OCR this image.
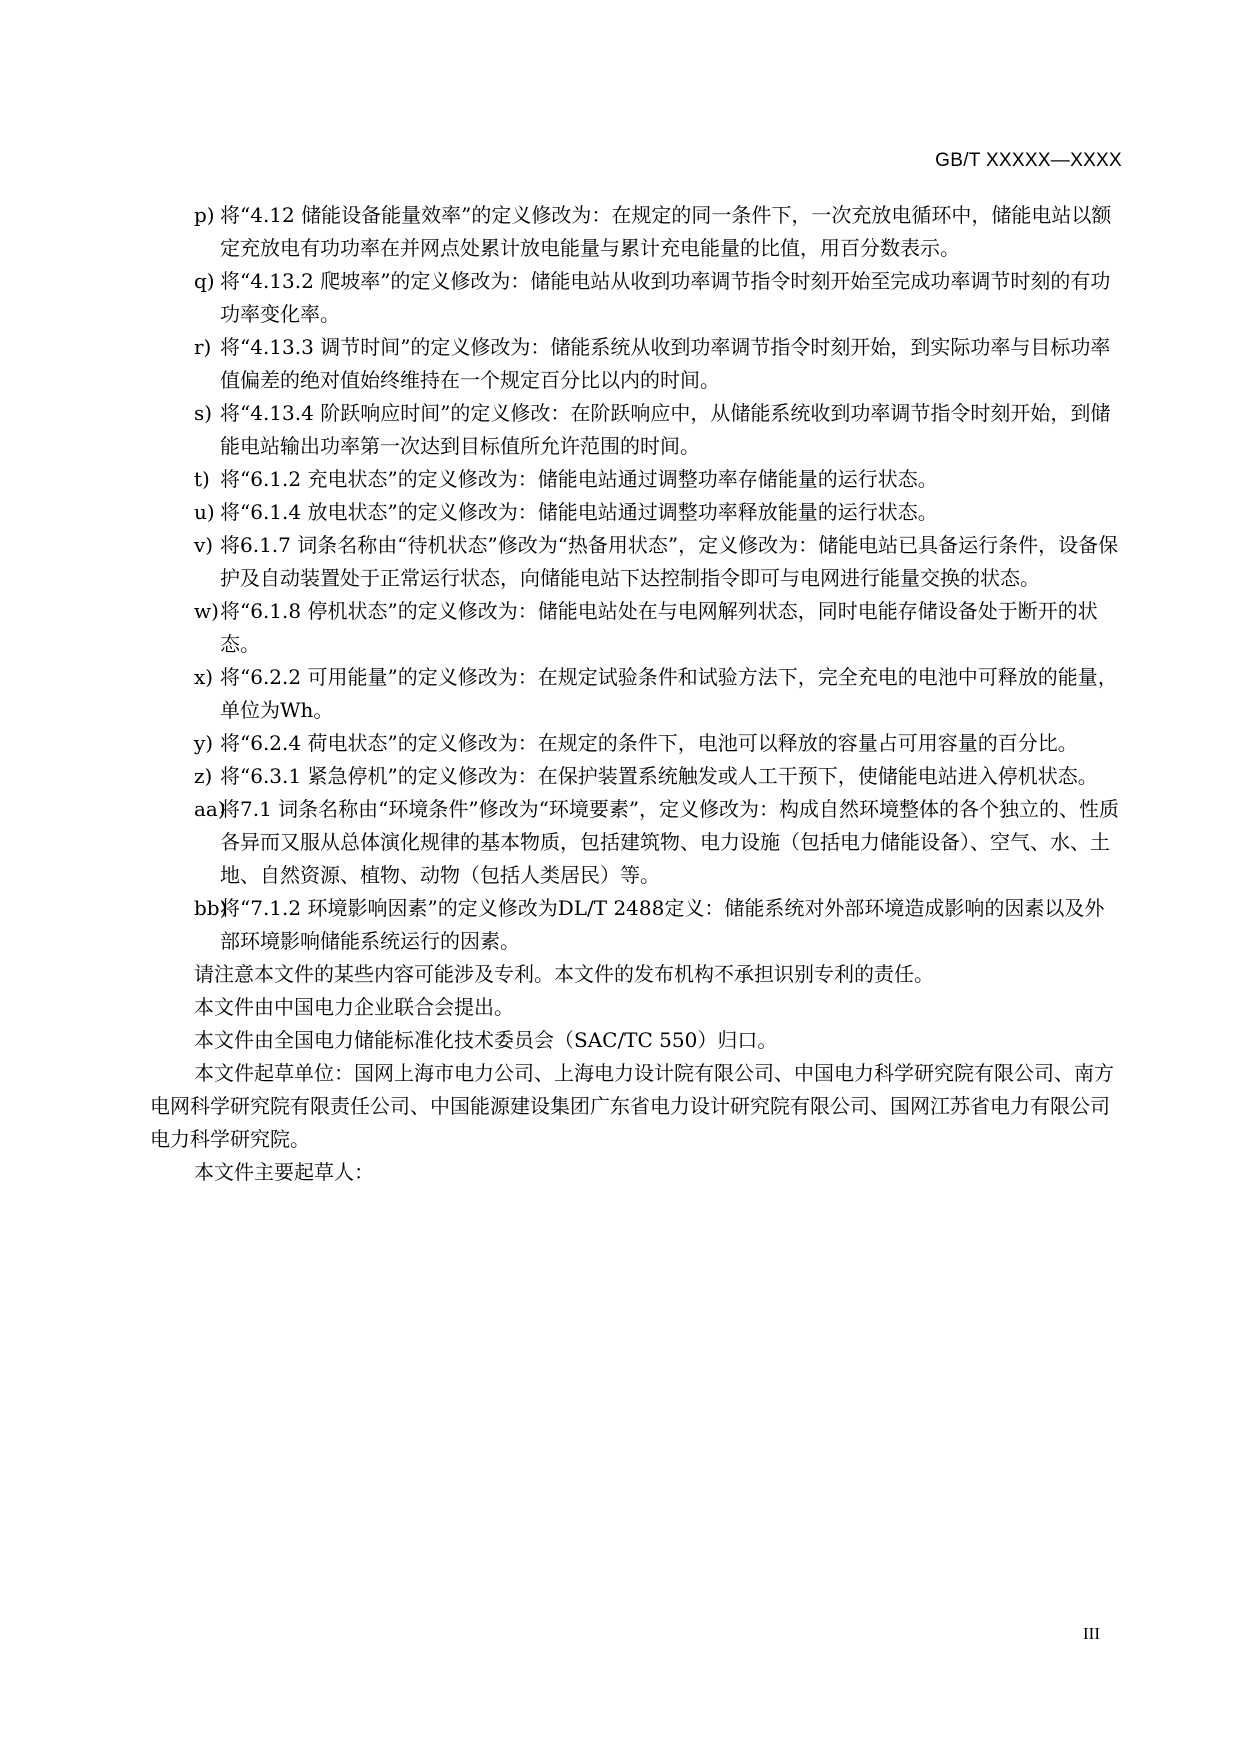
GB/T XXXXX—XXXX
p) 将“4.12 储能设备能量效率”的定义修改为：在规定的同一条件下，一次充放电循环中，储能电站以额定充放电有功功率在并网点处累计放电能量与累计充电能量的比值，用百分数表示。
q) 将“4.13.2 爬坡率”的定义修改为：储能电站从收到功率调节指令时刻开始至完成功率调节时刻的有功功率变化率。
r) 将“4.13.3 调节时间”的定义修改为：储能系统从收到功率调节指令时刻开始，到实际功率与目标功率值偏差的绝对值始终维持在一个规定百分比以内的时间。
s) 将“4.13.4 阶跃响应时间”的定义修改：在阶跃响应中，从储能系统收到功率调节指令时刻开始，到储能电站输出功率第一次达到目标值所允许范围的时间。
t) 将“6.1.2 充电状态”的定义修改为：储能电站通过调整功率存储能量的运行状态。
u) 将“6.1.4 放电状态”的定义修改为：储能电站通过调整功率释放能量的运行状态。
v) 将6.1.7 词条名称由“待机状态”修改为“热备用状态”，定义修改为：储能电站已具备运行条件，设备保护及自动装置处于正常运行状态，向储能电站下达控制指令即可与电网进行能量交换的状态。
w) 将“6.1.8 停机状态”的定义修改为：储能电站处在与电网解列状态，同时电能存储设备处于断开的状态。
x) 将“6.2.2 可用能量”的定义修改为：在规定试验条件和试验方法下，完全充电的电池中可释放的能量，单位为Wh。
y) 将“6.2.4 荷电状态”的定义修改为：在规定的条件下，电池可以释放的容量占可用容量的百分比。
z) 将“6.3.1 紧急停机”的定义修改为：在保护装置系统触发或人工干预下，使储能电站进入停机状态。
aa)
将7.1 词条名称由“环境条件”修改为“环境要素”，定义修改为：构成自然环境整体的各个独立的、性质各异而又服从总体演化规律的基本物质，包括建筑物、电力设施（包括电力储能设备）、空气、水、土地、自然资源、植物、动物（包括人类居民）等。
bb)
将“7.1.2 环境影响因素”的定义修改为DL/T 2488定义：储能系统对外部环境造成影响的因素以及外部环境影响储能系统运行的因素。
请注意本文件的某些内容可能涉及专利。本文件的发布机构不承担识别专利的责任。
本文件由中国电力企业联合会提出。
本文件由全国电力储能标准化技术委员会（SAC/TC 550）归口。
本文件起草单位：国网上海市电力公司、上海电力设计院有限公司、中国电力科学研究院有限公司、南方电网科学研究院有限责任公司、中国能源建设集团广东省电力设计研究院有限公司、国网江苏省电力有限公司电力科学研究院。
本文件主要起草人：
III
